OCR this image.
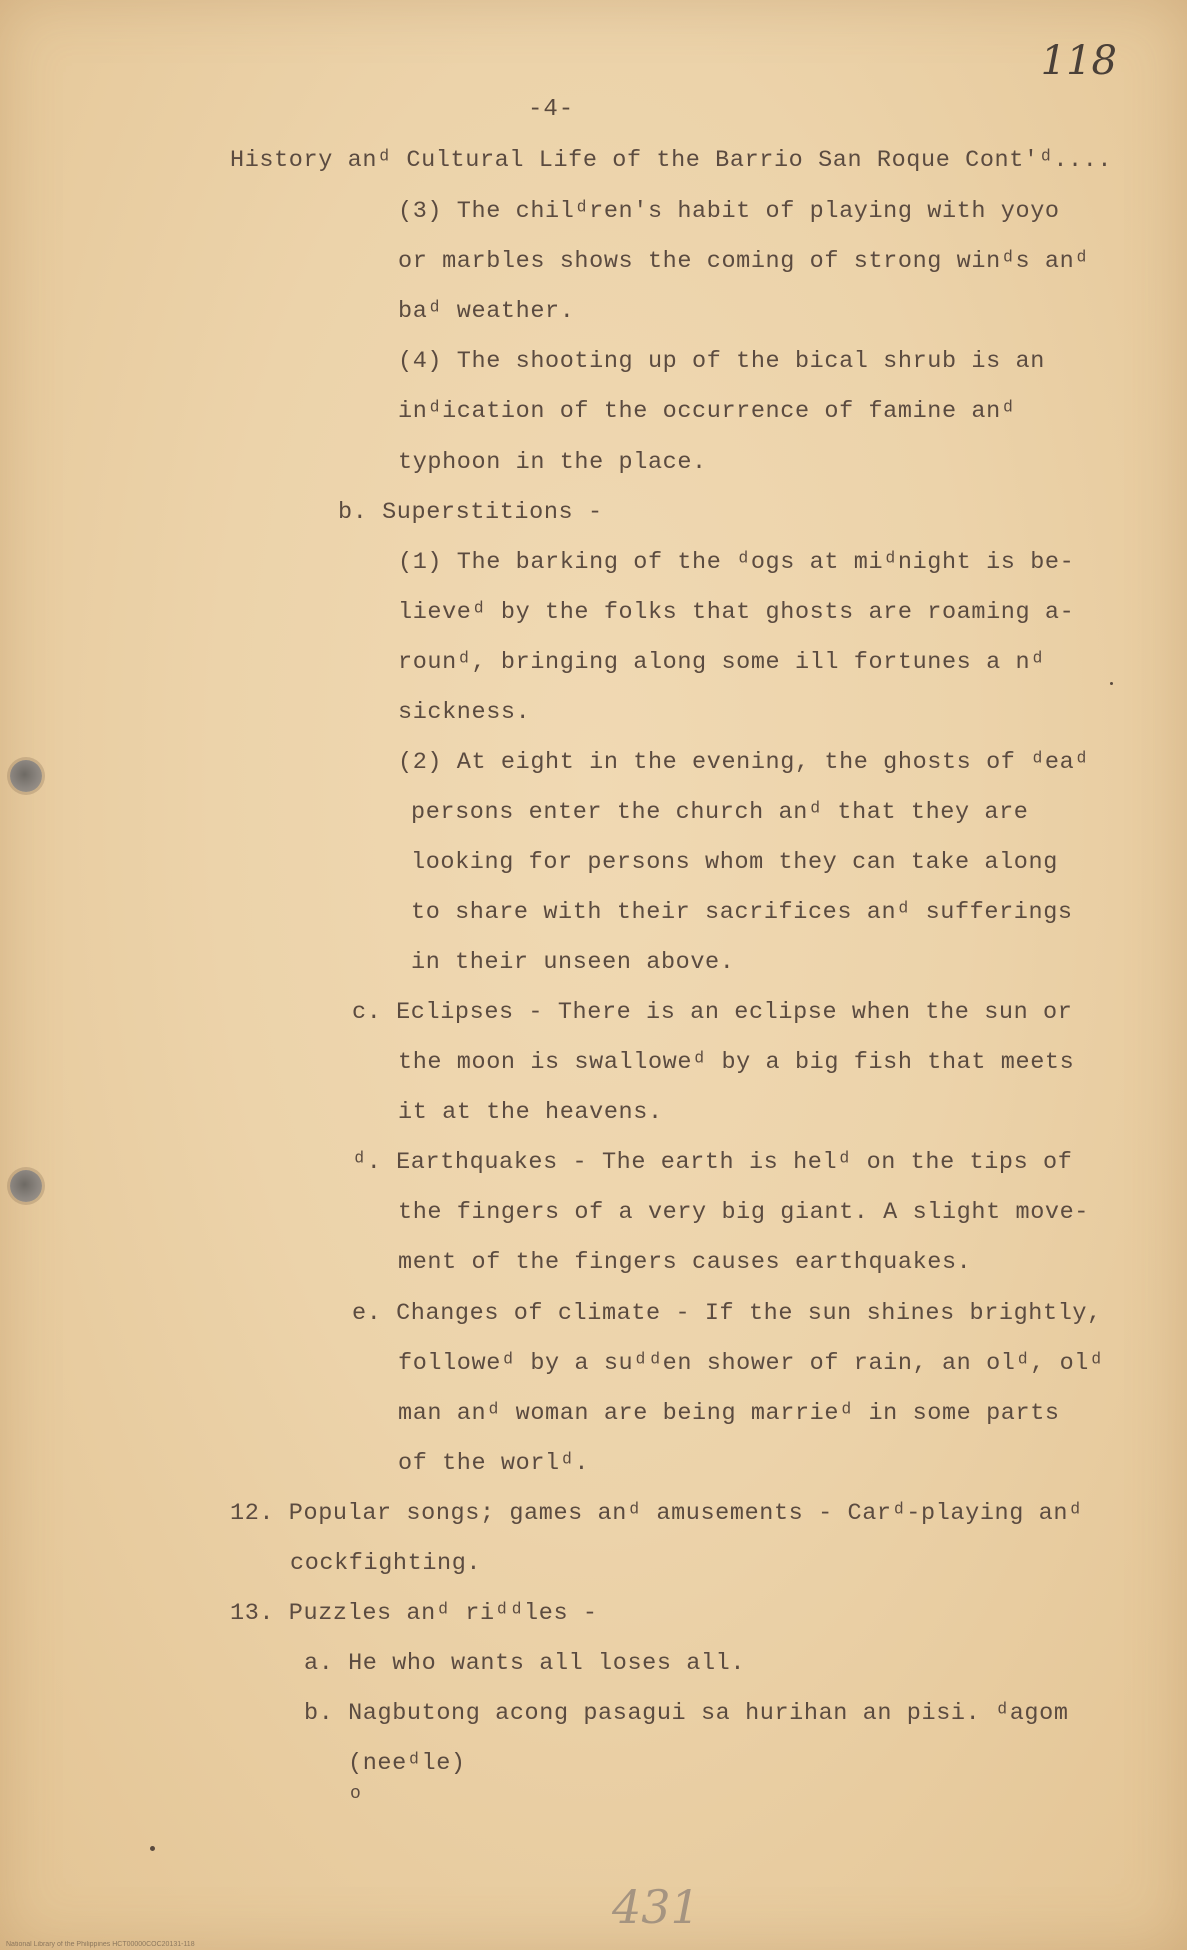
118
-4-
History anᵈ Cultural Life of the Barrio San Roque Cont'ᵈ....
(3) The chilᵈren's habit of playing with yoyo
or marbles shows the coming of strong winᵈs anᵈ
baᵈ weather.
(4) The shooting up of the bical shrub is an
inᵈication of the occurrence of famine anᵈ
typhoon in the place.
b. Superstitions -
(1) The barking of the ᵈogs at miᵈnight is be-
lieveᵈ by the folks that ghosts are roaming a-
rounᵈ, bringing along some ill fortunes a nᵈ
sickness.
(2) At eight in the evening, the ghosts of ᵈeaᵈ
persons enter the church anᵈ that they are
looking for persons whom they can take along
to share with their sacrifices anᵈ sufferings
in their unseen above.
c. Eclipses - There is an eclipse when the sun or
the moon is swalloweᵈ by a big fish that meets
it at the heavens.
ᵈ. Earthquakes - The earth is helᵈ on the tips of
the fingers of a very big giant. A slight move-
ment of the fingers causes earthquakes.
e. Changes of climate - If the sun shines brightly,
followeᵈ by a suᵈᵈen shower of rain, an olᵈ, olᵈ
man anᵈ woman are being marrieᵈ in some parts
of the worlᵈ.
12. Popular songs; games anᵈ amusements - Carᵈ-playing anᵈ
cockfighting.
13. Puzzles anᵈ riᵈᵈles -
a. He who wants all loses all.
b. Nagbutong acong pasagui sa hurihan an pisi. ᵈagom
(neeᵈle)
o
431
National Library of the Philippines HCT00000COC20131-118
